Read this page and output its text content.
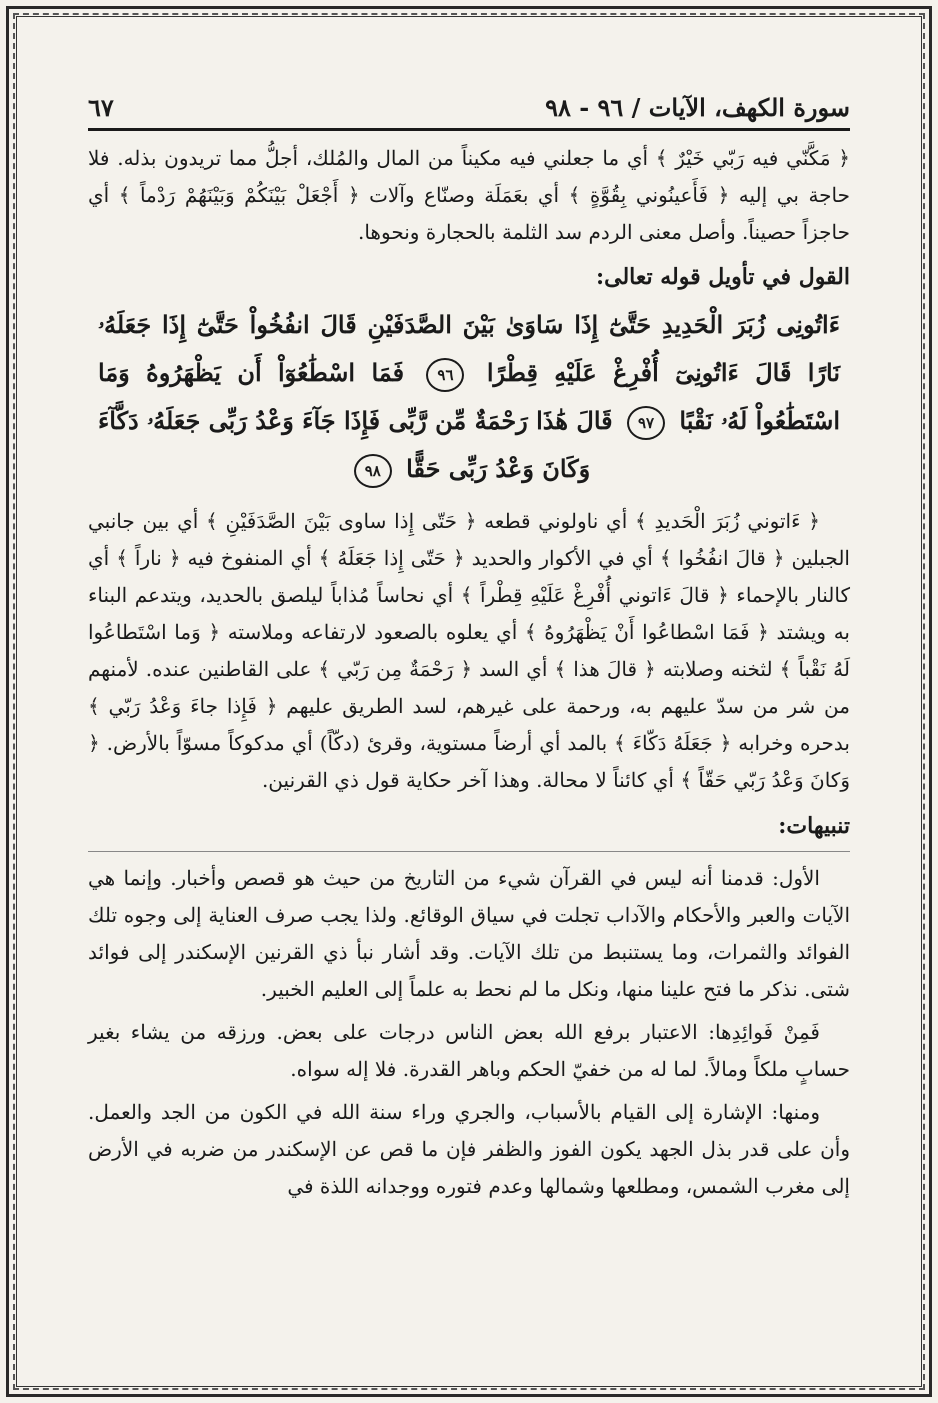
سورة الكهف، الآيات / ٩٦ - ٩٨
٦٧

﴿ مَكَّنّي فيه رَبّي خَيْرٌ ﴾ أي ما جعلني فيه مكيناً من المال والمُلك، أجلُّ مما تريدون بذله. فلا حاجة بي إليه ﴿ فَأَعينُوني بِقُوَّةٍ ﴾ أي بعَمَلَة وصنّاع وآلات ﴿ أَجْعَلْ بَيْنَكُمْ وَبَيْنَهُمْ رَدْماً ﴾ أي حاجزاً حصيناً. وأصل معنى الردم سد الثلمة بالحجارة ونحوها.

القول في تأويل قوله تعالى:
ءَاتُونِى زُبَرَ الْحَدِيدِ حَتَّىٰٓ إِذَا سَاوَىٰ بَيْنَ الصَّدَفَيْنِ قَالَ انفُخُواْ حَتَّىٰٓ إِذَا جَعَلَهُۥ نَارًا قَالَ ءَاتُونِىٓ أُفْرِغْ عَلَيْهِ قِطْرًا ٩٦ فَمَا اسْطَٰعُوٓاْ أَن يَظْهَرُوهُ وَمَا اسْتَطَٰعُواْ لَهُۥ نَقْبًا ٩٧ قَالَ هَٰذَا رَحْمَةٌ مِّن رَّبِّى فَإِذَا جَآءَ وَعْدُ رَبِّى جَعَلَهُۥ دَكَّآءَ وَكَانَ وَعْدُ رَبِّى حَقًّا ٩٨

﴿ ءَاتوني زُبَرَ الْحَديدِ ﴾ أي ناولوني قطعه ﴿ حَتّى إِذا ساوى بَيْنَ الصَّدَفَيْنِ ﴾ أي بين جانبي الجبلين ﴿ قالَ انفُخُوا ﴾ أي في الأكوار والحديد ﴿ حَتّى إِذا جَعَلَهُ ﴾ أي المنفوخ فيه ﴿ ناراً ﴾ أي كالنار بالإحماء ﴿ قالَ ءَاتوني أُفْرِغْ عَلَيْهِ قِطْراً ﴾ أي نحاساً مُذاباً ليلصق بالحديد، ويتدعم البناء به ويشتد ﴿ فَمَا اسْطاعُوا أَنْ يَظْهَرُوهُ ﴾ أي يعلوه بالصعود لارتفاعه وملاسته ﴿ وَما اسْتَطاعُوا لَهُ نَقْباً ﴾ لثخنه وصلابته ﴿ قالَ هذا ﴾ أي السد ﴿ رَحْمَةٌ مِن رَبّي ﴾ على القاطنين عنده. لأمنهم من شر من سدّ عليهم به، ورحمة على غيرهم، لسد الطريق عليهم ﴿ فَإِذا جاءَ وَعْدُ رَبّي ﴾ بدحره وخرابه ﴿ جَعَلَهُ دَكّاءَ ﴾ بالمد أي أرضاً مستوية، وقرئ (دكّاً) أي مدكوكاً مسوّاً بالأرض. ﴿ وَكانَ وَعْدُ رَبّي حَقّاً ﴾ أي كائناً لا محالة. وهذا آخر حكاية قول ذي القرنين.

تنبيهات:

الأول: قدمنا أنه ليس في القرآن شيء من التاريخ من حيث هو قصص وأخبار. وإنما هي الآيات والعبر والأحكام والآداب تجلت في سياق الوقائع. ولذا يجب صرف العناية إلى وجوه تلك الفوائد والثمرات، وما يستنبط من تلك الآيات. وقد أشار نبأ ذي القرنين الإسكندر إلى فوائد شتى. نذكر ما فتح علينا منها، ونكل ما لم نحط به علماً إلى العليم الخبير.

فَمِنْ فَوائِدِها: الاعتبار برفع الله بعض الناس درجات على بعض. ورزقه من يشاء بغير حسابٍ ملكاً ومالاً. لما له من خفيّ الحكم وباهر القدرة. فلا إله سواه.

ومنها: الإشارة إلى القيام بالأسباب، والجري وراء سنة الله في الكون من الجد والعمل. وأن على قدر بذل الجهد يكون الفوز والظفر فإن ما قص عن الإسكندر من ضربه في الأرض إلى مغرب الشمس، ومطلعها وشمالها وعدم فتوره ووجدانه اللذة في
